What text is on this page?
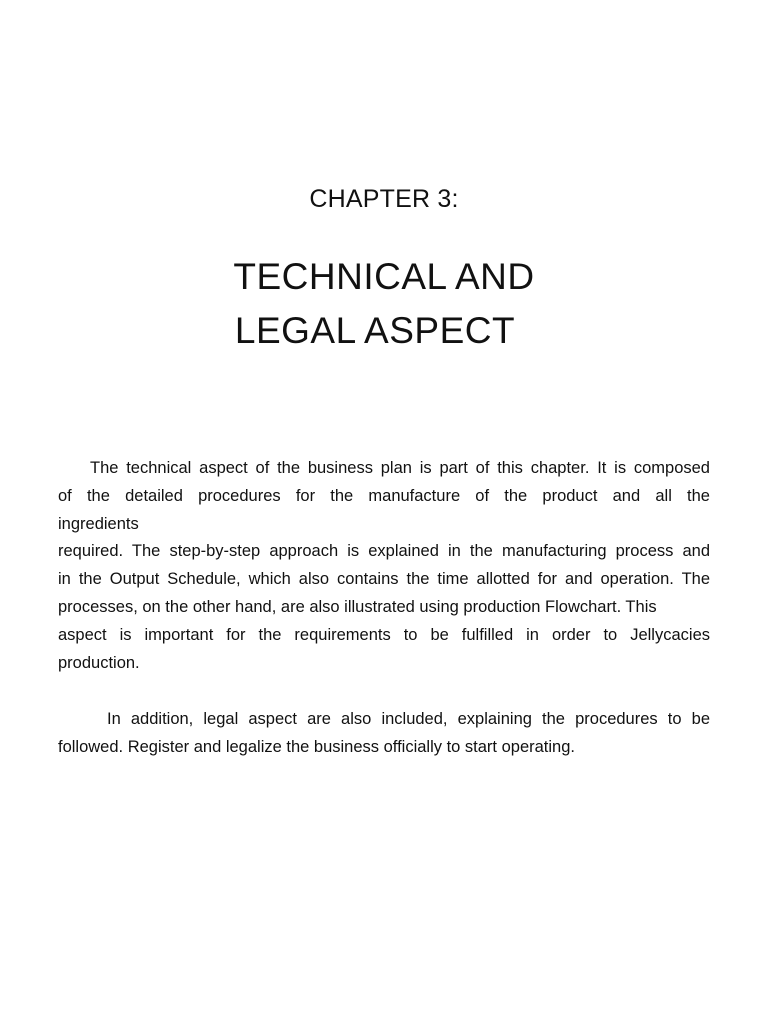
CHAPTER 3:
TECHNICAL AND
LEGAL ASPECT
The technical aspect of the business plan is part of this chapter. It is composed
of the detailed procedures for the manufacture of the product and all the
ingredients
required. The step-by-step approach is explained in the manufacturing process and
in the Output Schedule, which also contains the time allotted for and operation. The
processes, on the other hand, are also illustrated using production Flowchart. This
aspect is important for the requirements to be fulfilled in order to Jellycacies
production.
In addition, legal aspect are also included, explaining the procedures to be
followed. Register and legalize the business officially to start operating.
